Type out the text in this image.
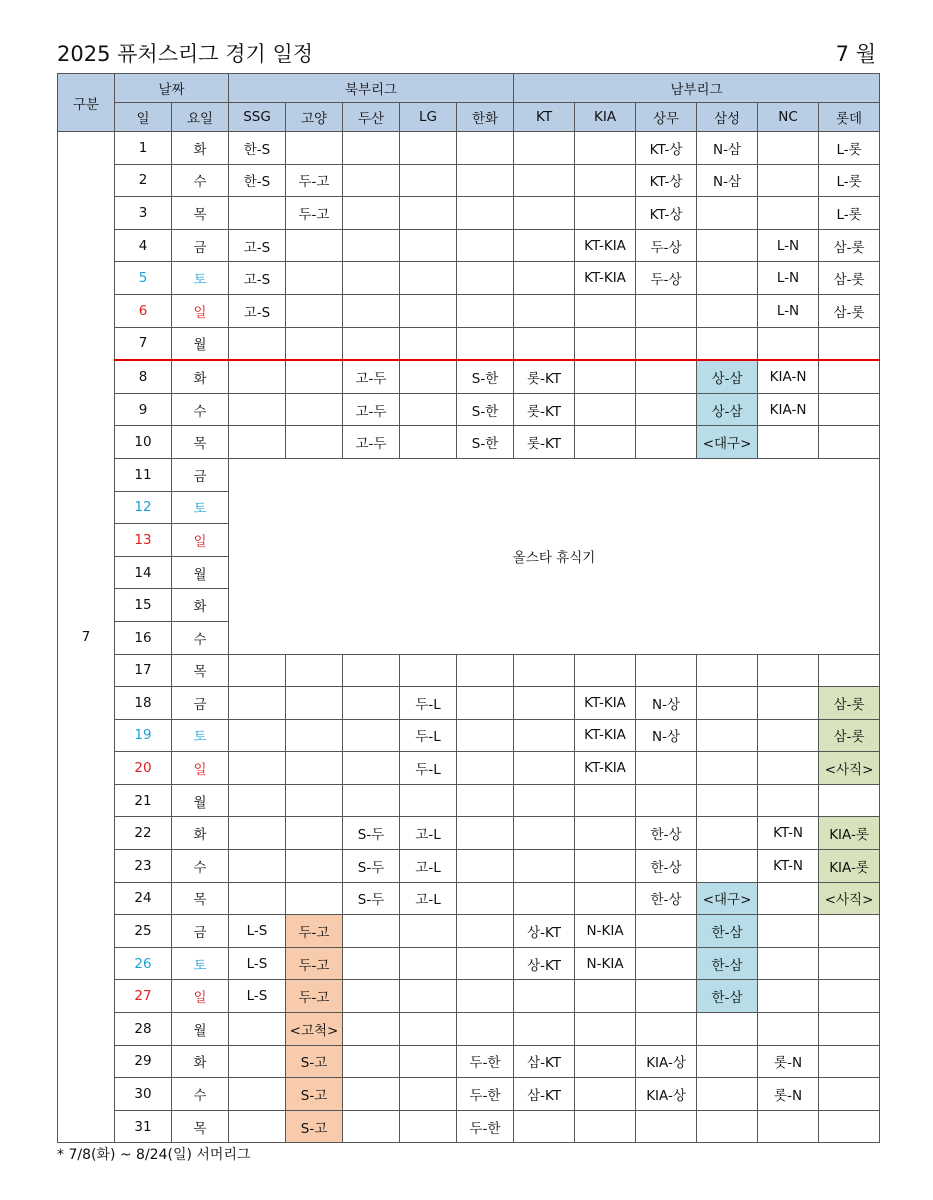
2025 퓨처스리그 경기 일정	7 월
구분	날짜		북부리그					남부리그					
	일	요일	SSG	고양	두산	LG	한화	KT	KIA	상무	삼성	NC	롯데
7	1	화	한-S							KT-상	N-삼		L-롯
	2	수	한-S	두-고						KT-상	N-삼		L-롯
	3	목		두-고						KT-상			L-롯
	4	금	고-S						KT-KIA	두-상		L-N	삼-롯
	5	토	고-S						KT-KIA	두-상		L-N	삼-롯
	6	일	고-S									L-N	삼-롯
	7	월											
	8	화			고-두		S-한	롯-KT			상-삼	KIA-N	
	9	수			고-두		S-한	롯-KT			상-삼	KIA-N	
	10	목			고-두		S-한	롯-KT			<대구>		
	11	금	올스타 휴식기										
	12	토											
	13	일											
	14	월											
	15	화											
	16	수											
	17	목											
	18	금				두-L			KT-KIA	N-상			삼-롯
	19	토				두-L			KT-KIA	N-상			삼-롯
	20	일				두-L			KT-KIA				<사직>
	21	월											
	22	화			S-두	고-L				한-상		KT-N	KIA-롯
	23	수			S-두	고-L				한-상		KT-N	KIA-롯
	24	목			S-두	고-L				한-상	<대구>		<사직>
	25	금	L-S	두-고				상-KT	N-KIA		한-삼		
	26	토	L-S	두-고				상-KT	N-KIA		한-삼		
	27	일	L-S	두-고							한-삼		
	28	월		<고척>									
	29	화		S-고			두-한	삼-KT		KIA-상		롯-N	
	30	수		S-고			두-한	삼-KT		KIA-상		롯-N	
	31	목		S-고			두-한						
* 7/8(화) ~ 8/24(일) 서머리그
